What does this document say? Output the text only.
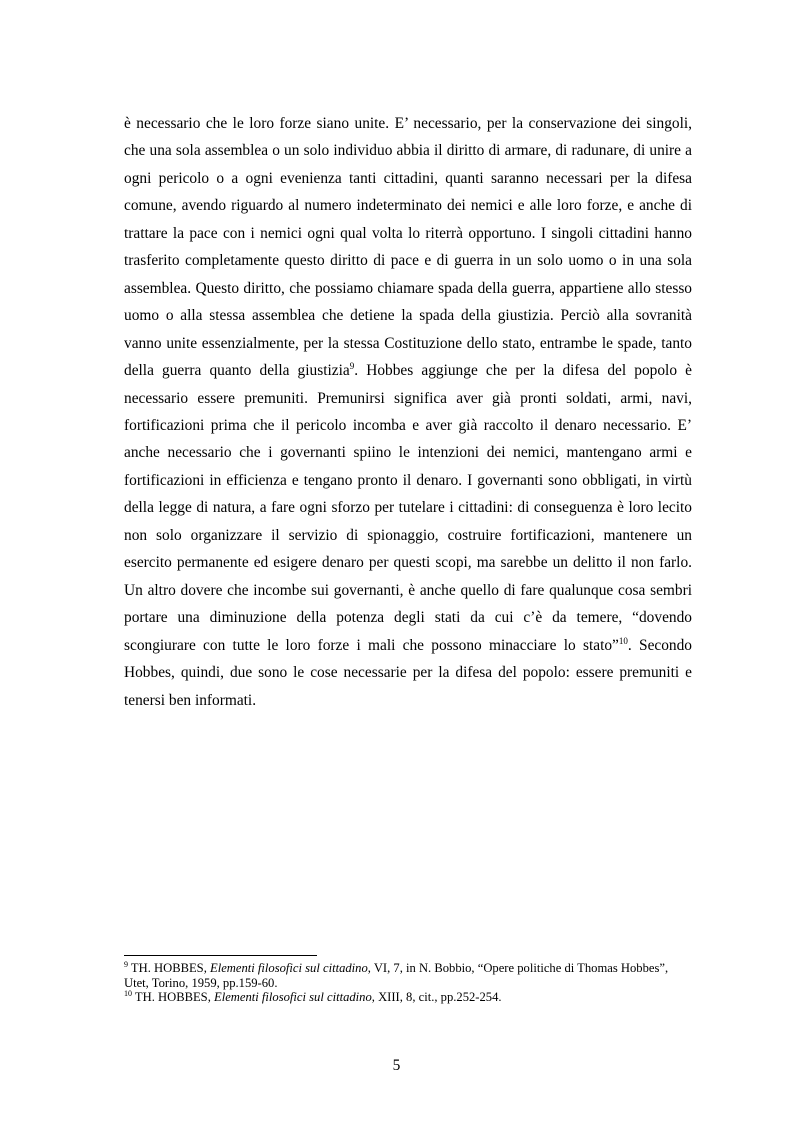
è necessario che le loro forze siano unite. E’ necessario, per la conservazione dei singoli, che una sola assemblea o un solo individuo abbia il diritto di armare, di radunare, di unire a ogni pericolo o a ogni evenienza tanti cittadini, quanti saranno necessari per la difesa comune, avendo riguardo al numero indeterminato dei nemici e alle loro forze, e anche di trattare la pace con i nemici ogni qual volta lo riterrà opportuno. I singoli cittadini hanno trasferito completamente questo diritto di pace e di guerra in un solo uomo o in una sola assemblea. Questo diritto, che possiamo chiamare spada della guerra, appartiene allo stesso uomo o alla stessa assemblea che detiene la spada della giustizia. Perciò alla sovranità vanno unite essenzialmente, per la stessa Costituzione dello stato, entrambe le spade, tanto della guerra quanto della giustizia$^9$. Hobbes aggiunge che per la difesa del popolo è necessario essere premuniti. Premunirsi significa aver già pronti soldati, armi, navi, fortificazioni prima che il pericolo incomba e aver già raccolto il denaro necessario. E’ anche necessario che i governanti spiino le intenzioni dei nemici, mantengano armi e fortificazioni in efficienza e tengano pronto il denaro. I governanti sono obbligati, in virtù della legge di natura, a fare ogni sforzo per tutelare i cittadini: di conseguenza è loro lecito non solo organizzare il servizio di spionaggio, costruire fortificazioni, mantenere un esercito permanente ed esigere denaro per questi scopi, ma sarebbe un delitto il non farlo. Un altro dovere che incombe sui governanti, è anche quello di fare qualunque cosa sembri portare una diminuzione della potenza degli stati da cui c’è da temere, “dovendo scongiurare con tutte le loro forze i mali che possono minacciare lo stato”$^{10}$. Secondo Hobbes, quindi, due sono le cose necessarie per la difesa del popolo: essere premuniti e tenersi ben informati.

$^9$ TH. HOBBES, Elementi filosofici sul cittadino, VI, 7, in N. Bobbio, “Opere politiche di Thomas Hobbes”, Utet, Torino, 1959, pp.159-60.

$^{10}$ TH. HOBBES, Elementi filosofici sul cittadino, XIII, 8, cit., pp.252-254.

5
